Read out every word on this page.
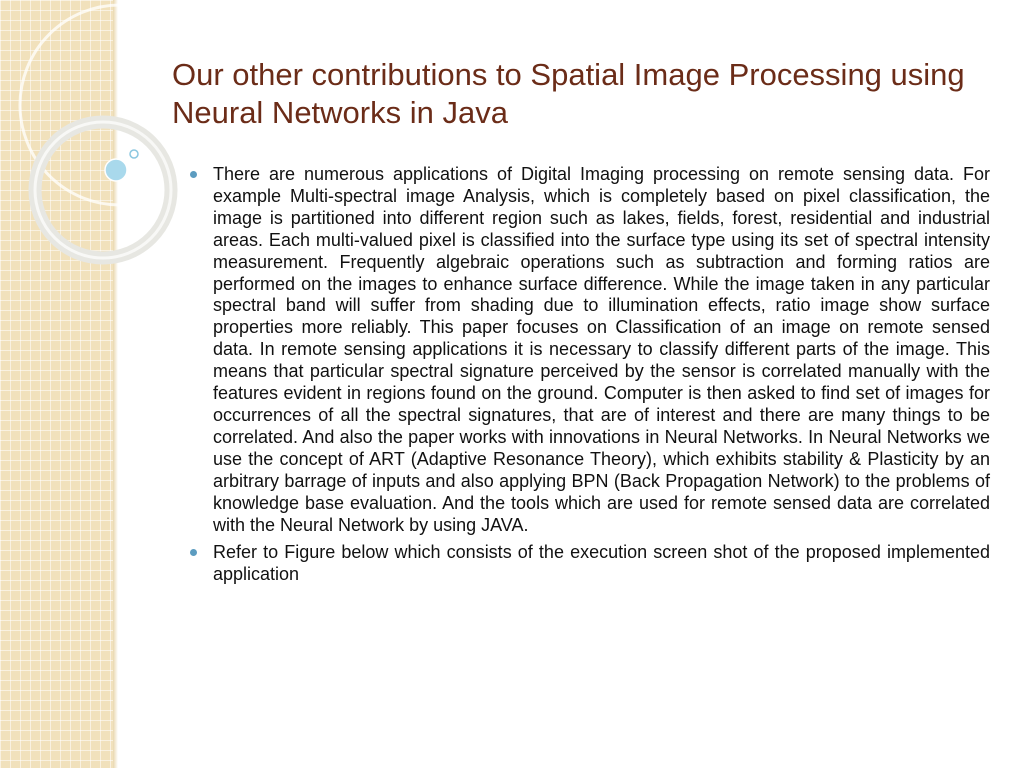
Our other contributions to Spatial Image Processing using Neural Networks in Java
There are numerous applications of Digital Imaging processing on remote sensing data. For example Multi-spectral image Analysis, which is completely based on pixel classification, the image is partitioned into different region such as lakes, fields, forest, residential and industrial areas. Each multi-valued pixel is classified into the surface type using its set of spectral intensity measurement. Frequently algebraic operations such as subtraction and forming ratios are performed on the images to enhance surface difference. While the image taken in any particular spectral band will suffer from shading due to illumination effects, ratio image show surface properties more reliably. This paper focuses on Classification of an image on remote sensed data. In remote sensing applications it is necessary to classify different parts of the image. This means that particular spectral signature perceived by the sensor is correlated manually with the features evident in regions found on the ground. Computer is then asked to find set of images for occurrences of all the spectral signatures, that are of interest and there are many things to be correlated. And also the paper works with innovations in Neural Networks. In Neural Networks we use the concept of ART (Adaptive Resonance Theory), which exhibits stability & Plasticity by an arbitrary barrage of inputs and also applying BPN (Back Propagation Network) to the problems of knowledge base evaluation. And the tools which are used for remote sensed data are correlated with the Neural Network by using JAVA.
Refer to Figure below which consists of the execution screen shot of the proposed implemented application
